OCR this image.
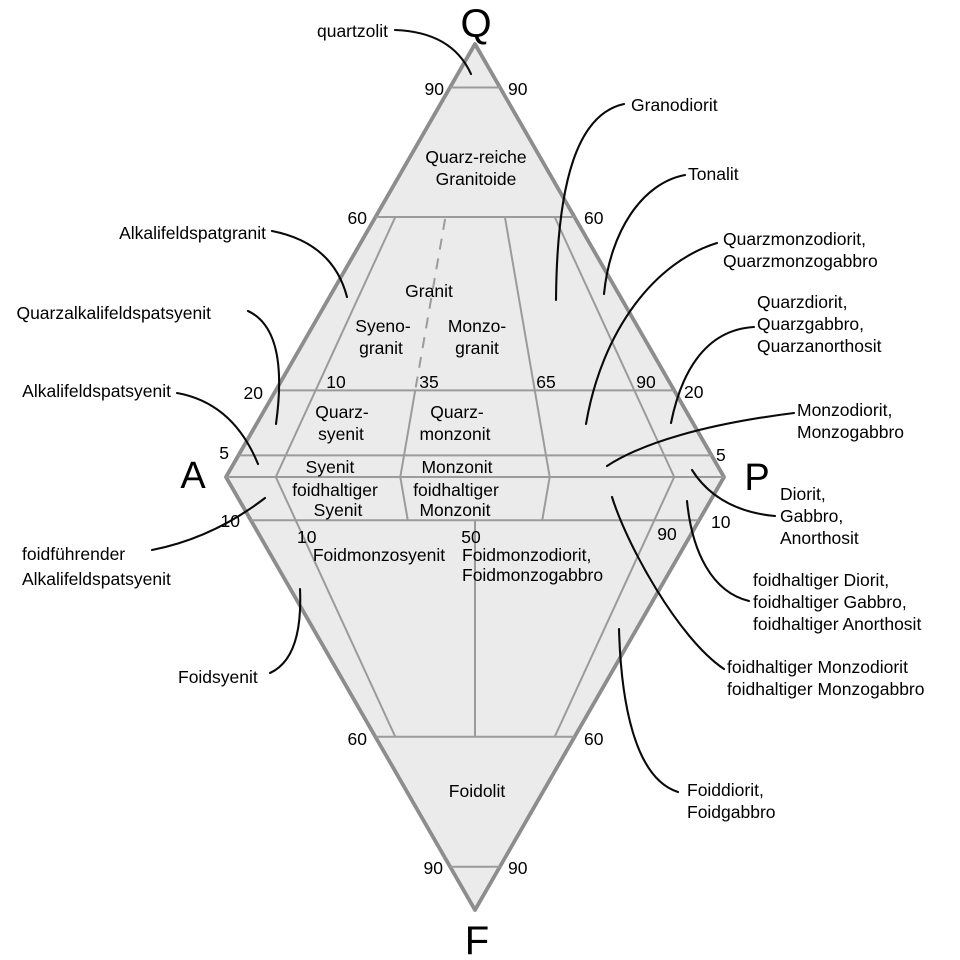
Q
A	P
F
90	90
60	60
20	20
10	35	65	90
5	5
10	10
10	50	90
60	60
90	90
Quarz-reiche
Granitoide
Granit
Syeno-
granit
Monzo-
granit
Quarz-
syenit
Quarz-
monzonit
Syenit	Monzonit
foidhaltiger
Syenit
foidhaltiger
Monzonit
Foidmonzosyenit Foidmonzodiorit,
Foidmonzogabbro
Foidolit
quartzolit
Alkalifeldspatgranit
Quarzalkalifeldspatsyenit
Alkalifeldspatsyenit
foidführender
Alkalifeldspatsyenit
Foidsyenit
Granodiorit
Tonalit
Quarzmonzodiorit,
Quarzmonzogabbro
Quarzdiorit,
Quarzgabbro,
Quarzanorthosit
Monzodiorit,
Monzogabbro
Diorit,
Gabbro,
Anorthosit
foidhaltiger Diorit,
foidhaltiger Gabbro,
foidhaltiger Anorthosit
foidhaltiger Monzodiorit
foidhaltiger Monzogabbro
Foiddiorit,
Foidgabbro
